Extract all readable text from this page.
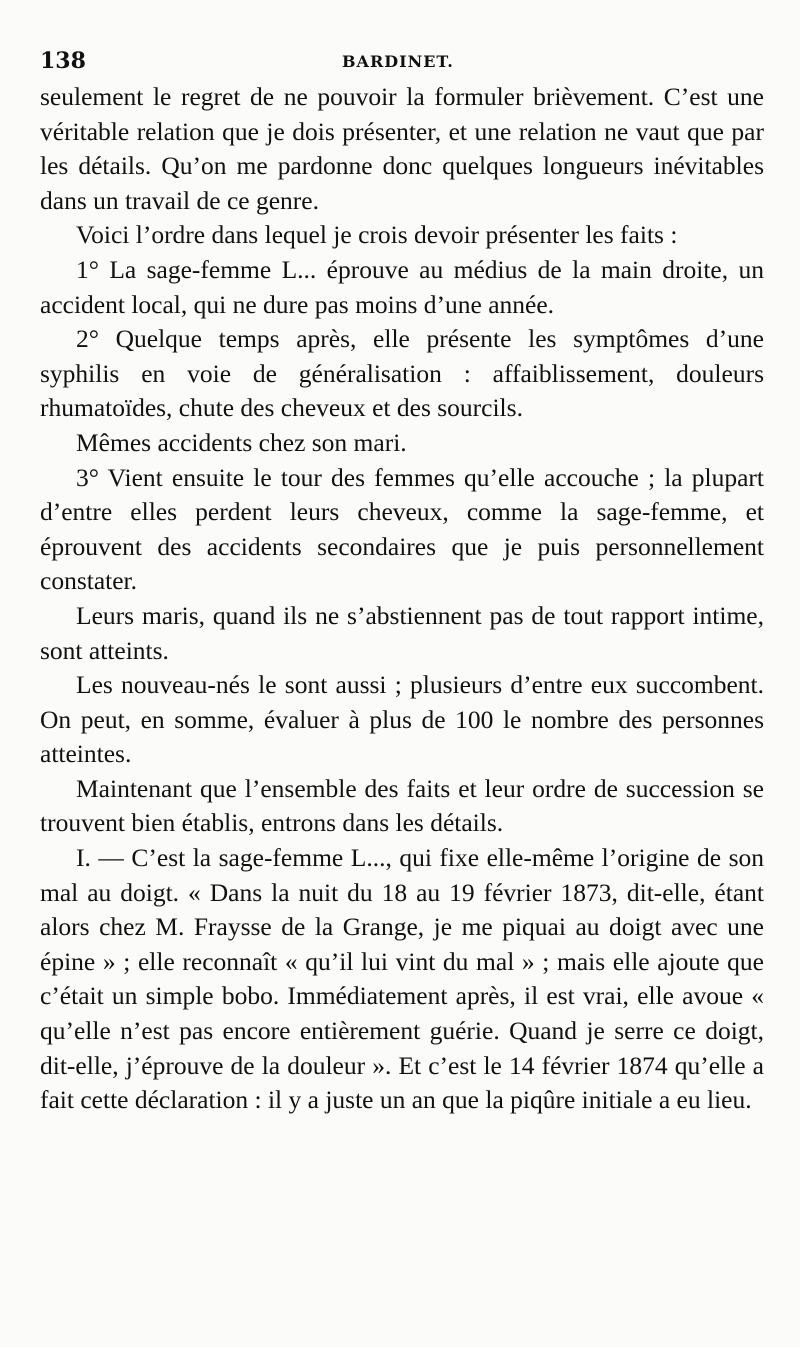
138	BARDINET.

seulement le regret de ne pouvoir la formuler brièvement. C’est une véritable relation que je dois présenter, et une relation ne vaut que par les détails. Qu’on me pardonne donc quelques longueurs inévitables dans un travail de ce genre.

Voici l’ordre dans lequel je crois devoir présenter les faits :

1° La sage-femme L... éprouve au médius de la main droite, un accident local, qui ne dure pas moins d’une année.

2° Quelque temps après, elle présente les symptômes d’une syphilis en voie de généralisation : affaiblissement, douleurs rhumatoïdes, chute des cheveux et des sourcils.

Mêmes accidents chez son mari.

3° Vient ensuite le tour des femmes qu’elle accouche ; la plupart d’entre elles perdent leurs cheveux, comme la sage-femme, et éprouvent des accidents secondaires que je puis personnellement constater.

Leurs maris, quand ils ne s’abstiennent pas de tout rapport intime, sont atteints.

Les nouveau-nés le sont aussi ; plusieurs d’entre eux succombent. On peut, en somme, évaluer à plus de 100 le nombre des personnes atteintes.

Maintenant que l’ensemble des faits et leur ordre de succession se trouvent bien établis, entrons dans les détails.

I. — C’est la sage-femme L..., qui fixe elle-même l’origine de son mal au doigt. « Dans la nuit du 18 au 19 février 1873, dit-elle, étant alors chez M. Fraysse de la Grange, je me piquai au doigt avec une épine » ; elle reconnaît « qu’il lui vint du mal » ; mais elle ajoute que c’était un simple bobo. Immédiatement après, il est vrai, elle avoue « qu’elle n’est pas encore entièrement guérie. Quand je serre ce doigt, dit-elle, j’éprouve de la douleur ». Et c’est le 14 février 1874 qu’elle a fait cette déclaration : il y a juste un an que la piqûre initiale a eu lieu.
